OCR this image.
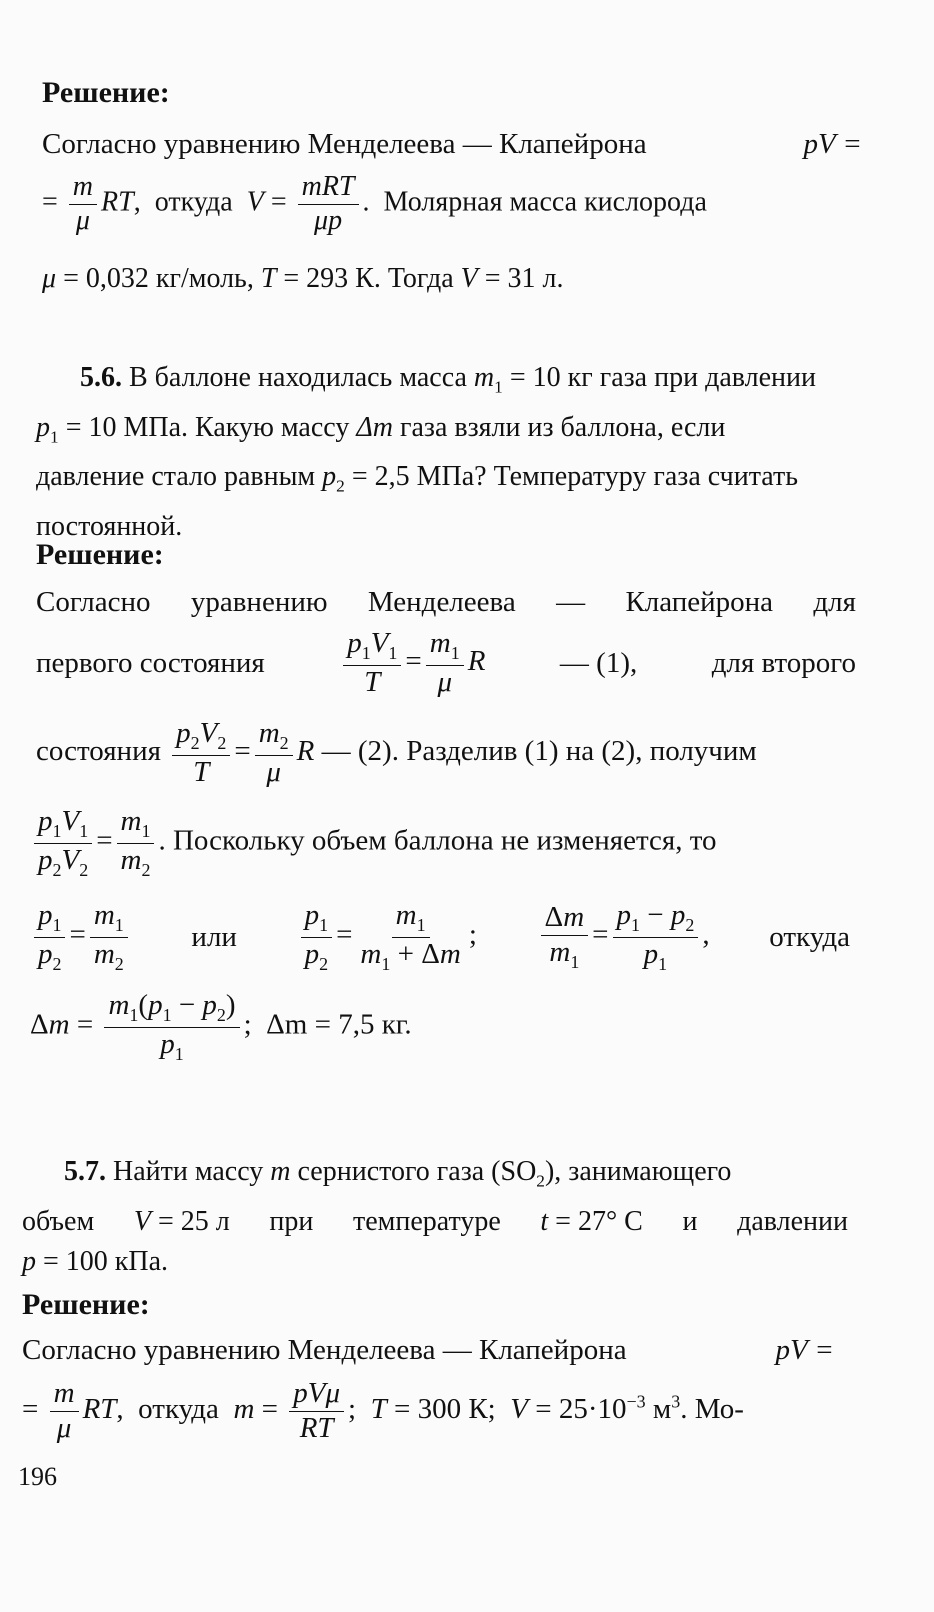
Решение:
Согласно уравнению Менделеева — Клапейрона	pV =
= $\frac{m}{\mu}$ RT,  откуда $V = \frac{\text{mRT}}{\mu p}$ .  Молярная масса кислорода
μ = 0,032 кг/моль, T = 293 К. Тогда V = 31 л.
5.6. В баллоне находилась масса $m_1 = 10$ кг газа при давлении
$p_1 = 10$ МПа. Какую массу Δm газа взяли из баллона, если
давление стало равным $p_2 = 2,5$ МПа? Температуру газа считать
постоянной.
Решение:
Согласно уравнению Менделеева — Клапейрона для
первого состояния	$\frac{p_1V_1}{T} = \frac{m_1}{\mu}$ R	— (1),	для второго
состояния $\frac{p_2V_2}{T} = \frac{m_2}{\mu}$ R — (2). Разделив (1) на (2), получим
$\frac{p_1V_1}{p_2V_2} = \frac{m_1}{m_2}$ . Поскольку объем баллона не изменяется, то
$\frac{p_1}{p_2} = \frac{m_1}{m_2}$ или $\frac{p_1}{p_2} = \frac{m_1}{m_1 + \Delta m}$ ; $\frac{\Delta m}{m_1} = \frac{p_1 - p_2}{p_1}$ , откуда
$\Delta m = \frac{m_1(p_1 - p_2)}{p_1}$ ;  Δm = 7,5 кг.
5.7. Найти массу m сернистого газа $(SO_2)$, занимающего
объем V = 25 л при температуре t = 27° C и давлении
p = 100 кПа.
Решение:
Согласно уравнению Менделеева — Клапейрона	pV =
= $\frac{m}{\mu}$ RT,  откуда $m = \frac{\text{pVμ}}{RT}$ ;  T = 300 К;  $V = 25\cdot 10^{-3}$ $м^3$. Мо-
196
